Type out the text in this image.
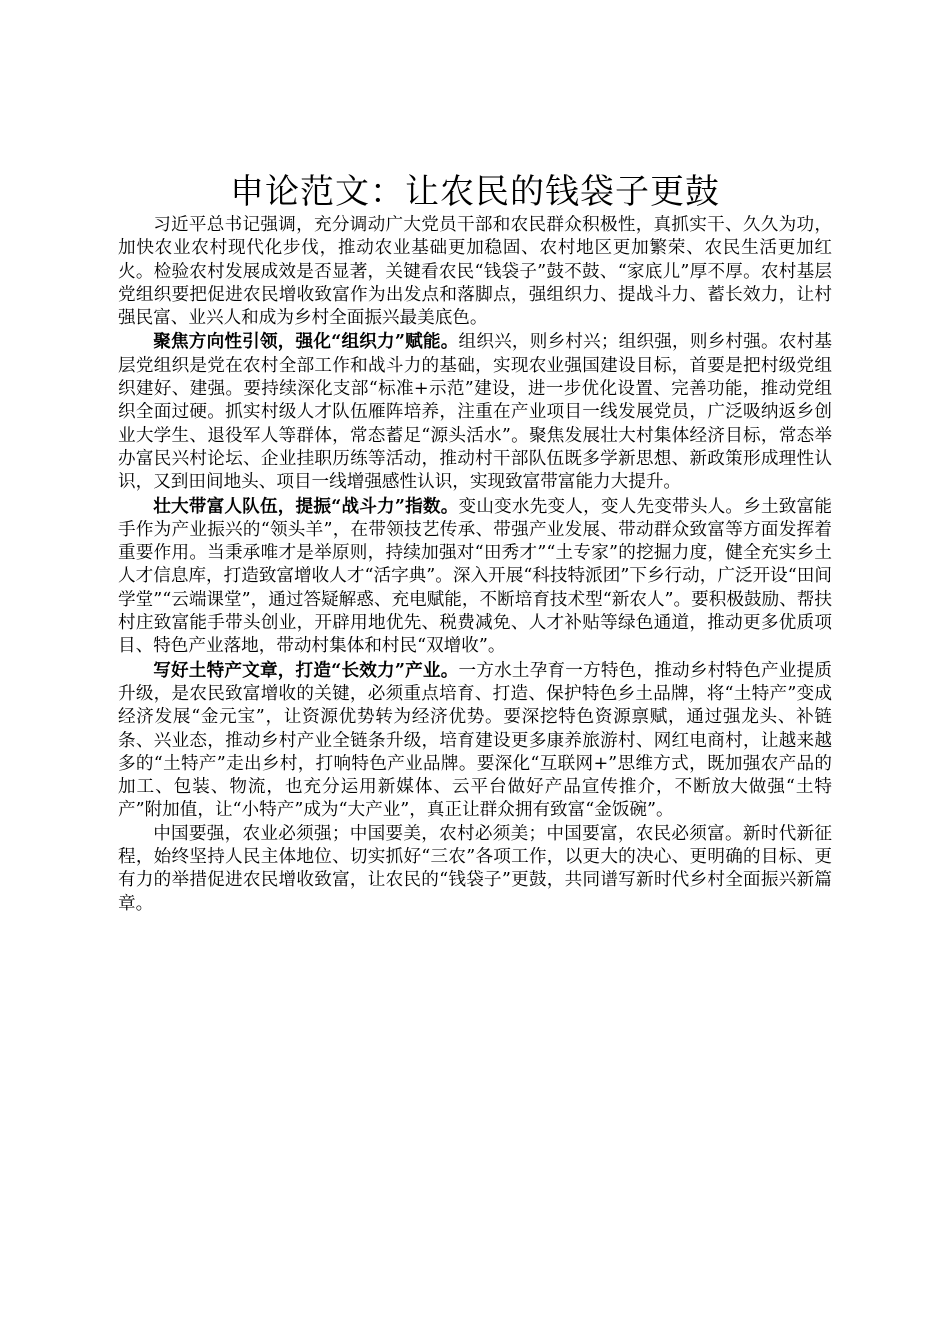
申论范文：让农民的钱袋子更鼓

习近平总书记强调，充分调动广大党员干部和农民群众积极性，真抓实干、久久为功，加快农业农村现代化步伐，推动农业基础更加稳固、农村地区更加繁荣、农民生活更加红火。检验农村发展成效是否显著，关键看农民“钱袋子”鼓不鼓、“家底儿”厚不厚。农村基层党组织要把促进农民增收致富作为出发点和落脚点，强组织力、提战斗力、蓄长效力，让村强民富、业兴人和成为乡村全面振兴最美底色。

聚焦方向性引领，强化“组织力”赋能。组织兴，则乡村兴；组织强，则乡村强。农村基层党组织是党在农村全部工作和战斗力的基础，实现农业强国建设目标，首要是把村级党组织建好、建强。要持续深化支部“标准+示范”建设，进一步优化设置、完善功能，推动党组织全面过硬。抓实村级人才队伍雁阵培养，注重在产业项目一线发展党员，广泛吸纳返乡创业大学生、退役军人等群体，常态蓄足“源头活水”。聚焦发展壮大村集体经济目标，常态举办富民兴村论坛、企业挂职历练等活动，推动村干部队伍既多学新思想、新政策形成理性认识，又到田间地头、项目一线增强感性认识，实现致富带富能力大提升。

壮大带富人队伍，提振“战斗力”指数。变山变水先变人，变人先变带头人。乡土致富能手作为产业振兴的“领头羊”，在带领技艺传承、带强产业发展、带动群众致富等方面发挥着重要作用。当秉承唯才是举原则，持续加强对“田秀才”“土专家”的挖掘力度，健全充实乡土人才信息库，打造致富增收人才“活字典”。深入开展“科技特派团”下乡行动，广泛开设“田间学堂”“云端课堂”，通过答疑解惑、充电赋能，不断培育技术型“新农人”。要积极鼓励、帮扶村庄致富能手带头创业，开辟用地优先、税费减免、人才补贴等绿色通道，推动更多优质项目、特色产业落地，带动村集体和村民“双增收”。

写好土特产文章，打造“长效力”产业。一方水土孕育一方特色，推动乡村特色产业提质升级，是农民致富增收的关键，必须重点培育、打造、保护特色乡土品牌，将“土特产”变成经济发展“金元宝”，让资源优势转为经济优势。要深挖特色资源禀赋，通过强龙头、补链条、兴业态，推动乡村产业全链条升级，培育建设更多康养旅游村、网红电商村，让越来越多的“土特产”走出乡村，打响特色产业品牌。要深化“互联网+”思维方式，既加强农产品的加工、包装、物流，也充分运用新媒体、云平台做好产品宣传推介，不断放大做强“土特产”附加值，让“小特产”成为“大产业”，真正让群众拥有致富“金饭碗”。

中国要强，农业必须强；中国要美，农村必须美；中国要富，农民必须富。新时代新征程，始终坚持人民主体地位、切实抓好“三农”各项工作，以更大的决心、更明确的目标、更有力的举措促进农民增收致富，让农民的“钱袋子”更鼓，共同谱写新时代乡村全面振兴新篇章。
